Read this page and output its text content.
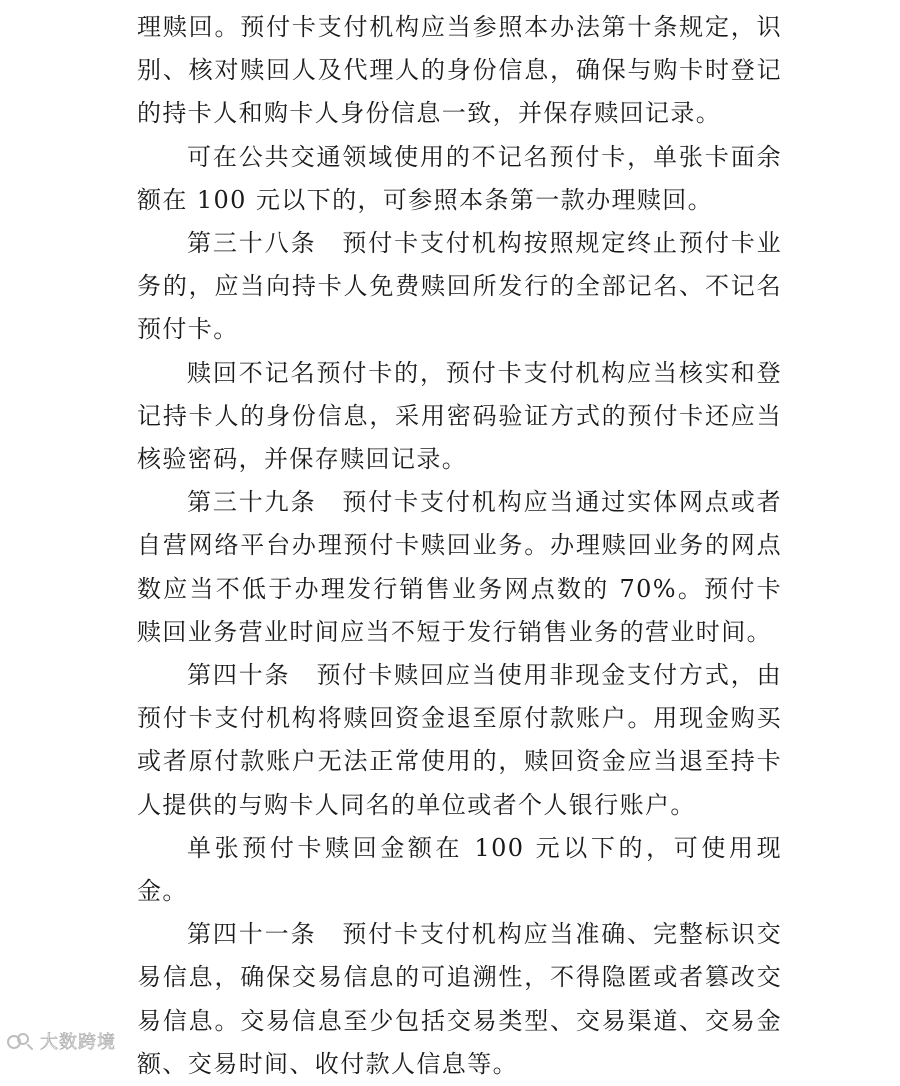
理赎回。预付卡支付机构应当参照本办法第十条规定，识别、核对赎回人及代理人的身份信息，确保与购卡时登记的持卡人和购卡人身份信息一致，并保存赎回记录。

可在公共交通领域使用的不记名预付卡，单张卡面余额在 100 元以下的，可参照本条第一款办理赎回。

第三十八条　预付卡支付机构按照规定终止预付卡业务的，应当向持卡人免费赎回所发行的全部记名、不记名预付卡。

赎回不记名预付卡的，预付卡支付机构应当核实和登记持卡人的身份信息，采用密码验证方式的预付卡还应当核验密码，并保存赎回记录。

第三十九条　预付卡支付机构应当通过实体网点或者自营网络平台办理预付卡赎回业务。办理赎回业务的网点数应当不低于办理发行销售业务网点数的 70%。预付卡赎回业务营业时间应当不短于发行销售业务的营业时间。

第四十条　预付卡赎回应当使用非现金支付方式，由预付卡支付机构将赎回资金退至原付款账户。用现金购买或者原付款账户无法正常使用的，赎回资金应当退至持卡人提供的与购卡人同名的单位或者个人银行账户。

单张预付卡赎回金额在 100 元以下的，可使用现金。

第四十一条　预付卡支付机构应当准确、完整标识交易信息，确保交易信息的可追溯性，不得隐匿或者篡改交易信息。交易信息至少包括交易类型、交易渠道、交易金额、交易时间、收付款人信息等。

大数跨境
